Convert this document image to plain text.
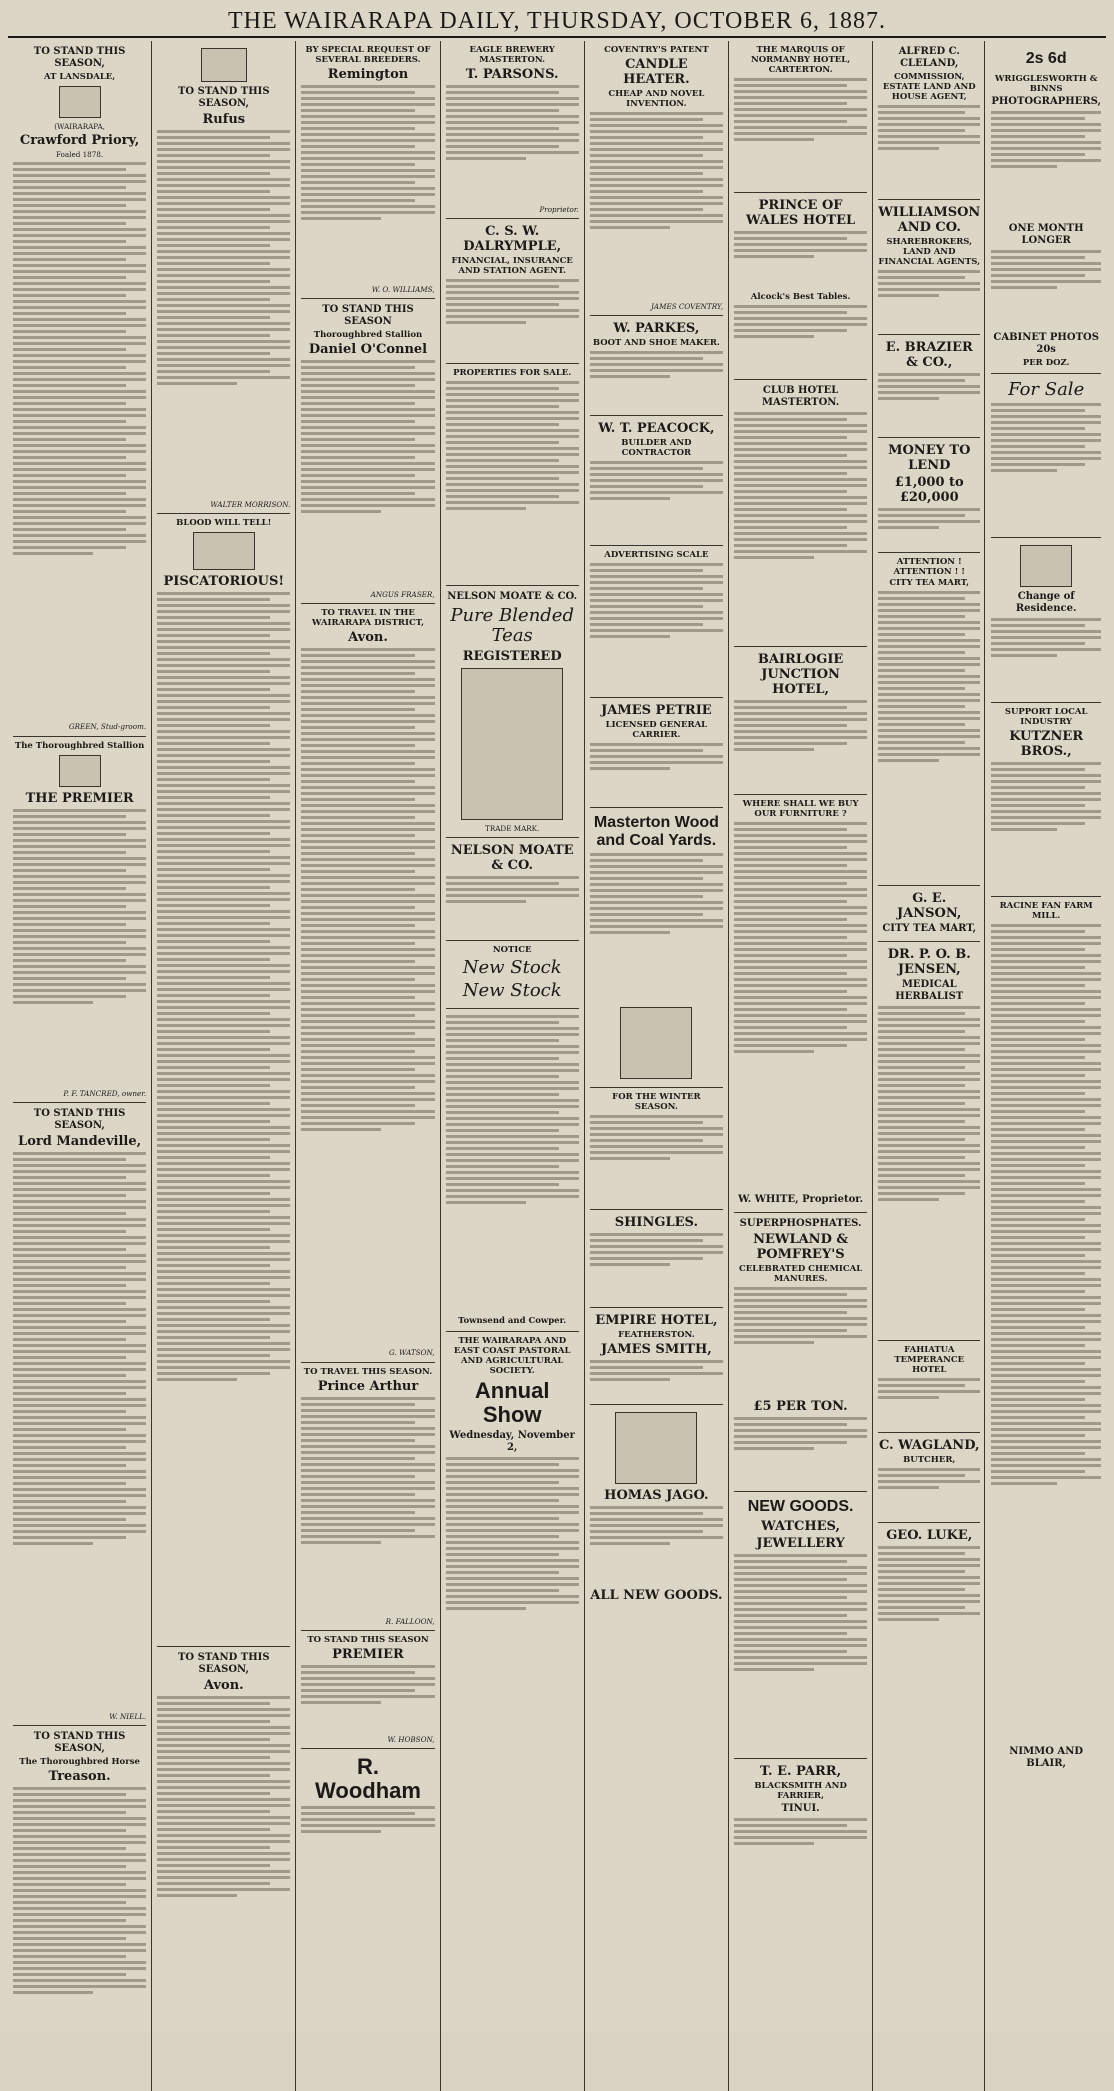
THE WAIRARAPA DAILY, THURSDAY, OCTOBER 6, 1887.
TO STAND THIS SEASON,
AT LANSDALE,
(WAIRARAPA,
Crawford Priory,
Foaled 1878.
GREEN, Stud-groom.
The Thoroughbred Stallion
THE PREMIER
P. F. TANCRED, owner.
TO STAND THIS SEASON,
Lord Mandeville,
W. NIELL.
TO STAND THIS SEASON,
The Thoroughbred Horse
Treason.
TO STAND THIS SEASON,
Rufus
WALTER MORRISON.
BLOOD WILL TELL!
PISCATORIOUS!
TO STAND THIS SEASON,
Avon.
BY SPECIAL REQUEST OF SEVERAL BREEDERS.
Remington
W. O. WILLIAMS,
TO STAND THIS SEASON
Thoroughbred Stallion
Daniel O'Connel
ANGUS FRASER,
TO TRAVEL IN THE WAIRARAPA DISTRICT,
Avon.
G. WATSON,
TO TRAVEL THIS SEASON.
Prince Arthur
R. FALLOON,
TO STAND THIS SEASON
PREMIER
W. HOBSON,
R. Woodham
EAGLE BREWERY MASTERTON.
T. PARSONS.
Proprietor.
C. S. W. DALRYMPLE,
FINANCIAL, INSURANCE AND STATION AGENT.
PROPERTIES FOR SALE.
NELSON MOATE & CO.
Pure Blended Teas
REGISTERED
TRADE MARK.
NELSON MOATE & CO.
NOTICE
New Stock
New Stock
Townsend and Cowper.
THE WAIRARAPA AND EAST COAST PASTORAL AND AGRICULTURAL SOCIETY.
Annual Show
Wednesday, November 2,
COVENTRY'S PATENT
CANDLE HEATER.
CHEAP AND NOVEL INVENTION.
JAMES COVENTRY,
W. PARKES,
BOOT AND SHOE MAKER.
W. T. PEACOCK,
BUILDER AND CONTRACTOR
ADVERTISING SCALE
JAMES PETRIE
LICENSED GENERAL CARRIER.
Masterton Wood and Coal Yards.
FOR THE WINTER SEASON.
SHINGLES.
EMPIRE HOTEL,
FEATHERSTON.
JAMES SMITH,
HOMAS JAGO.
ALL NEW GOODS.
THE MARQUIS OF NORMANBY HOTEL, CARTERTON.
PRINCE OF WALES HOTEL
Alcock's Best Tables.
CLUB HOTEL MASTERTON.
BAIRLOGIE JUNCTION HOTEL,
WHERE SHALL WE BUY OUR FURNITURE ?
W. WHITE, Proprietor.
SUPERPHOSPHATES.
NEWLAND & POMFREY'S
CELEBRATED CHEMICAL MANURES.
£5 PER TON.
NEW GOODS.
WATCHES,
JEWELLERY
T. E. PARR,
BLACKSMITH AND FARRIER,
TINUI.
ALFRED C. CLELAND,
COMMISSION, ESTATE LAND AND HOUSE AGENT,
WILLIAMSON AND CO.
SHAREBROKERS, LAND AND FINANCIAL AGENTS,
E. BRAZIER & CO.,
MONEY TO LEND
£1,000 to £20,000
ATTENTION ! ATTENTION ! !
CITY TEA MART,
G. E. JANSON,
CITY TEA MART,
DR. P. O. B. JENSEN,
MEDICAL HERBALIST
FAHIATUA TEMPERANCE HOTEL
C. WAGLAND,
BUTCHER,
GEO. LUKE,
2s 6d
WRIGGLESWORTH & BINNS
PHOTOGRAPHERS,
ONE MONTH LONGER
CABINET PHOTOS 20s
PER DOZ.
For Sale
Change of Residence.
SUPPORT LOCAL INDUSTRY
KUTZNER BROS.,
RACINE FAN FARM MILL.
NIMMO AND BLAIR,
